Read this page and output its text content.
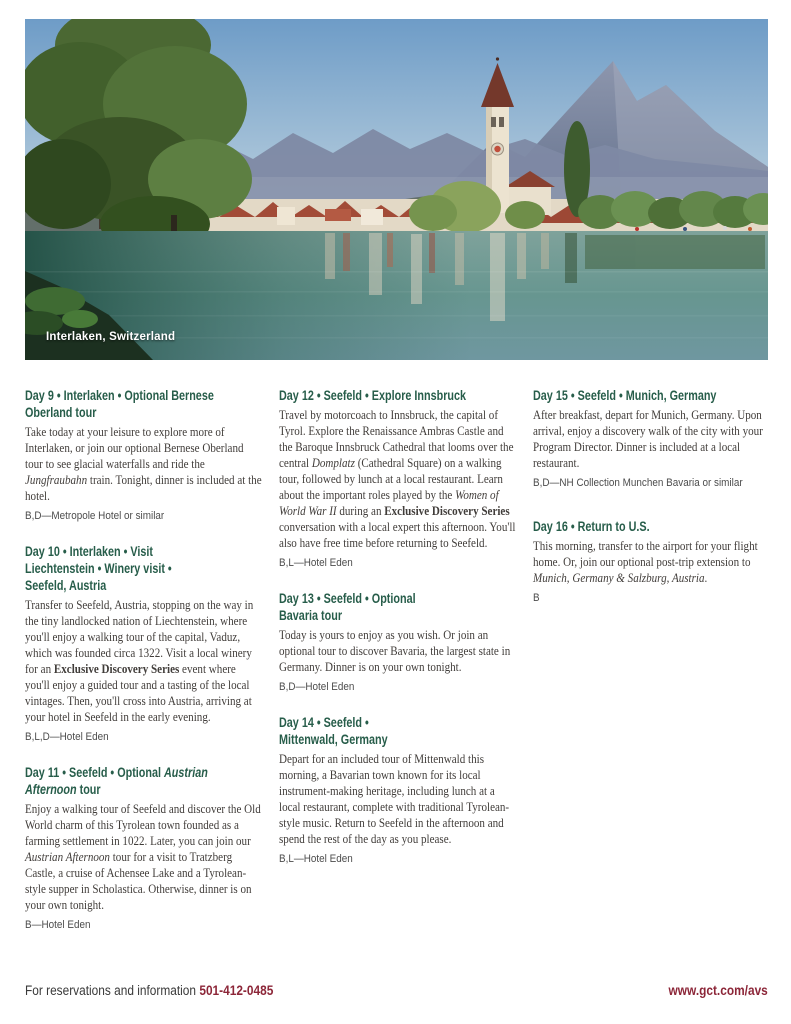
Interlaken, Switzerland
Day 9 • Interlaken • Optional Bernese
Oberland tour

Take today at your leisure to explore more of Interlaken, or join our optional Bernese Oberland tour to see glacial waterfalls and ride the Jungfraubahn train. Tonight, dinner is included at the hotel.

B,D—Metropole Hotel or similar

Day 10 • Interlaken • Visit
Liechtenstein • Winery visit •
Seefeld, Austria

Transfer to Seefeld, Austria, stopping on the way in the tiny landlocked nation of Liechtenstein, where you'll enjoy a walking tour of the capital, Vaduz, which was founded circa 1322. Visit a local winery for an Exclusive Discovery Series event where you'll enjoy a guided tour and a tasting of the local vintages. Then, you'll cross into Austria, arriving at your hotel in Seefeld in the early evening.

B,L,D—Hotel Eden

Day 11 • Seefeld • Optional Austrian
Afternoon tour

Enjoy a walking tour of Seefeld and discover the Old World charm of this Tyrolean town founded as a farming settlement in 1022. Later, you can join our Austrian Afternoon tour for a visit to Tratzberg Castle, a cruise of Achensee Lake and a Tyrolean-style supper in Scholastica. Otherwise, dinner is on your own tonight.

B—Hotel Eden

Day 12 • Seefeld • Explore Innsbruck

Travel by motorcoach to Innsbruck, the capital of Tyrol. Explore the Renaissance Ambras Castle and the Baroque Innsbruck Cathedral that looms over the central Domplatz (Cathedral Square) on a walking tour, followed by lunch at a local restaurant. Learn about the important roles played by the Women of World War II during an Exclusive Discovery Series conversation with a local expert this afternoon. You'll also have free time before returning to Seefeld.

B,L—Hotel Eden

Day 13 • Seefeld • Optional
Bavaria tour

Today is yours to enjoy as you wish. Or join an optional tour to discover Bavaria, the largest state in Germany. Dinner is on your own tonight.

B,D—Hotel Eden

Day 14 • Seefeld •
Mittenwald, Germany

Depart for an included tour of Mittenwald this morning, a Bavarian town known for its local instrument-making heritage, including lunch at a local restaurant, complete with traditional Tyrolean-style music. Return to Seefeld in the afternoon and spend the rest of the day as you please.

B,L—Hotel Eden

Day 15 • Seefeld • Munich, Germany

After breakfast, depart for Munich, Germany. Upon arrival, enjoy a discovery walk of the city with your Program Director. Dinner is included at a local restaurant.

B,D—NH Collection Munchen Bavaria or similar

Day 16 • Return to U.S.

This morning, transfer to the airport for your flight home. Or, join our optional post-trip extension to Munich, Germany & Salzburg, Austria.

B

For reservations and information 501-412-0485	www.gct.com/avs
